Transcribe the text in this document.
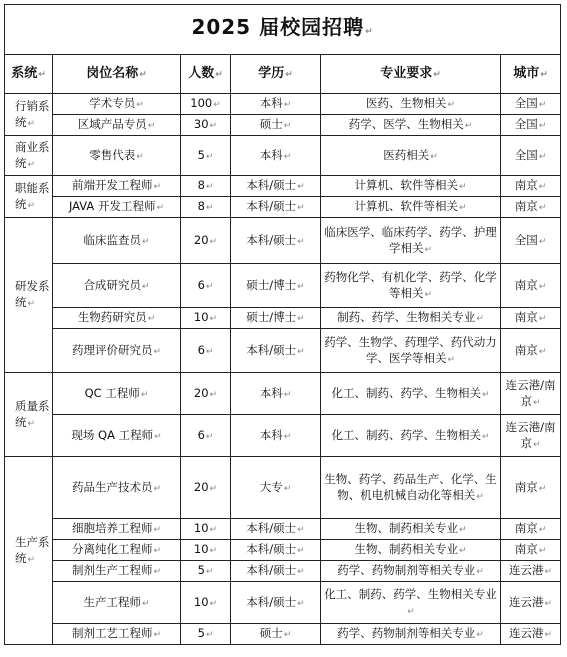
2025 届校园招聘↵					
系统↵	岗位名称↵	人数↵	学历↵	专业要求↵	城市↵
行销系统↵	学术专员↵	100↵	本科↵	医药、生物相关↵	全国↵
	区域产品专员↵	30↵	硕士↵	药学、医学、生物相关↵	全国↵
商业系统↵	零售代表↵	5↵	本科↵	医药相关↵	全国↵
职能系统↵	前端开发工程师↵	8↵	本科/硕士↵	计算机、软件等相关↵	南京↵
	JAVA 开发工程师↵	8↵	本科/硕士↵	计算机、软件等相关↵	南京↵
研发系统↵	临床监查员↵	20↵	本科/硕士↵	临床医学、临床药学、药学、护理学相关↵	全国↵
	合成研究员↵	6↵	硕士/博士↵	药物化学、有机化学、药学、化学等相关↵	南京↵
	生物药研究员↵	10↵	硕士/博士↵	制药、药学、生物相关专业↵	南京↵
	药理评价研究员↵	6↵	本科/硕士↵	药学、生物学、药理学、药代动力学、医学等相关↵	南京↵
质量系统↵	QC 工程师↵	20↵	本科↵	化工、制药、药学、生物相关↵	连云港/南京↵
	现场 QA 工程师↵	6↵	本科↵	化工、制药、药学、生物相关↵	连云港/南京↵
生产系统↵	药品生产技术员↵	20↵	大专↵	生物、药学、药品生产、化学、生物、机电机械自动化等相关↵	南京↵
	细胞培养工程师↵	10↵	本科/硕士↵	生物、制药相关专业↵	南京↵
	分离纯化工程师↵	10↵	本科/硕士↵	生物、制药相关专业↵	南京↵
	制剂生产工程师↵	5↵	本科/硕士↵	药学、药物制剂等相关专业↵	连云港↵
	生产工程师↵	10↵	本科/硕士↵	化工、制药、药学、生物相关专业↵	连云港↵
	制剂工艺工程师↵	5↵	硕士↵	药学、药物制剂等相关专业↵	连云港↵
